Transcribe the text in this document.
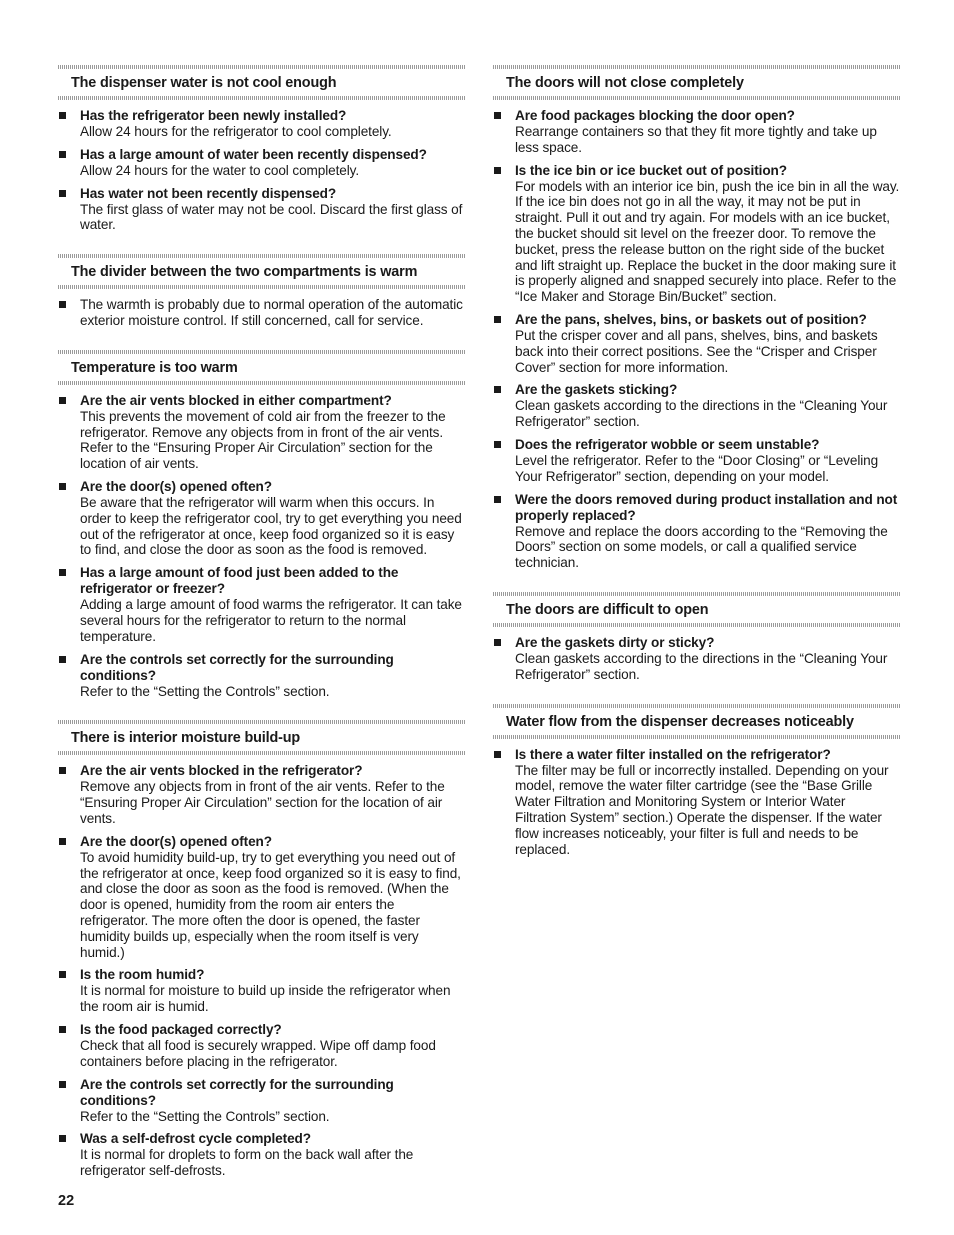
The dispenser water is not cool enough
Has the refrigerator been newly installed?
Allow 24 hours for the refrigerator to cool completely.
Has a large amount of water been recently dispensed?
Allow 24 hours for the water to cool completely.
Has water not been recently dispensed?
The first glass of water may not be cool. Discard the first glass of water.
The divider between the two compartments is warm
The warmth is probably due to normal operation of the automatic exterior moisture control. If still concerned, call for service.
Temperature is too warm
Are the air vents blocked in either compartment?
This prevents the movement of cold air from the freezer to the refrigerator. Remove any objects from in front of the air vents. Refer to the “Ensuring Proper Air Circulation” section for the location of air vents.
Are the door(s) opened often?
Be aware that the refrigerator will warm when this occurs. In order to keep the refrigerator cool, try to get everything you need out of the refrigerator at once, keep food organized so it is easy to find, and close the door as soon as the food is removed.
Has a large amount of food just been added to the refrigerator or freezer?
Adding a large amount of food warms the refrigerator. It can take several hours for the refrigerator to return to the normal temperature.
Are the controls set correctly for the surrounding conditions?
Refer to the “Setting the Controls” section.
There is interior moisture build-up
Are the air vents blocked in the refrigerator?
Remove any objects from in front of the air vents. Refer to the “Ensuring Proper Air Circulation” section for the location of air vents.
Are the door(s) opened often?
To avoid humidity build-up, try to get everything you need out of the refrigerator at once, keep food organized so it is easy to find, and close the door as soon as the food is removed. (When the door is opened, humidity from the room air enters the refrigerator. The more often the door is opened, the faster humidity builds up, especially when the room itself is very humid.)
Is the room humid?
It is normal for moisture to build up inside the refrigerator when the room air is humid.
Is the food packaged correctly?
Check that all food is securely wrapped. Wipe off damp food containers before placing in the refrigerator.
Are the controls set correctly for the surrounding conditions?
Refer to the “Setting the Controls” section.
Was a self-defrost cycle completed?
It is normal for droplets to form on the back wall after the refrigerator self-defrosts.
The doors will not close completely
Are food packages blocking the door open?
Rearrange containers so that they fit more tightly and take up less space.
Is the ice bin or ice bucket out of position?
For models with an interior ice bin, push the ice bin in all the way. If the ice bin does not go in all the way, it may not be put in straight. Pull it out and try again. For models with an ice bucket, the bucket should sit level on the freezer door. To remove the bucket, press the release button on the right side of the bucket and lift straight up. Replace the bucket in the door making sure it is properly aligned and snapped securely into place. Refer to the “Ice Maker and Storage Bin/Bucket” section.
Are the pans, shelves, bins, or baskets out of position?
Put the crisper cover and all pans, shelves, bins, and baskets back into their correct positions. See the “Crisper and Crisper Cover” section for more information.
Are the gaskets sticking?
Clean gaskets according to the directions in the “Cleaning Your Refrigerator” section.
Does the refrigerator wobble or seem unstable?
Level the refrigerator. Refer to the “Door Closing” or “Leveling Your Refrigerator” section, depending on your model.
Were the doors removed during product installation and not properly replaced?
Remove and replace the doors according to the “Removing the Doors” section on some models, or call a qualified service technician.
The doors are difficult to open
Are the gaskets dirty or sticky?
Clean gaskets according to the directions in the “Cleaning Your Refrigerator” section.
Water flow from the dispenser decreases noticeably
Is there a water filter installed on the refrigerator?
The filter may be full or incorrectly installed. Depending on your model, remove the water filter cartridge (see the “Base Grille Water Filtration and Monitoring System or Interior Water Filtration System” section.) Operate the dispenser. If the water flow increases noticeably, your filter is full and needs to be replaced.
22
